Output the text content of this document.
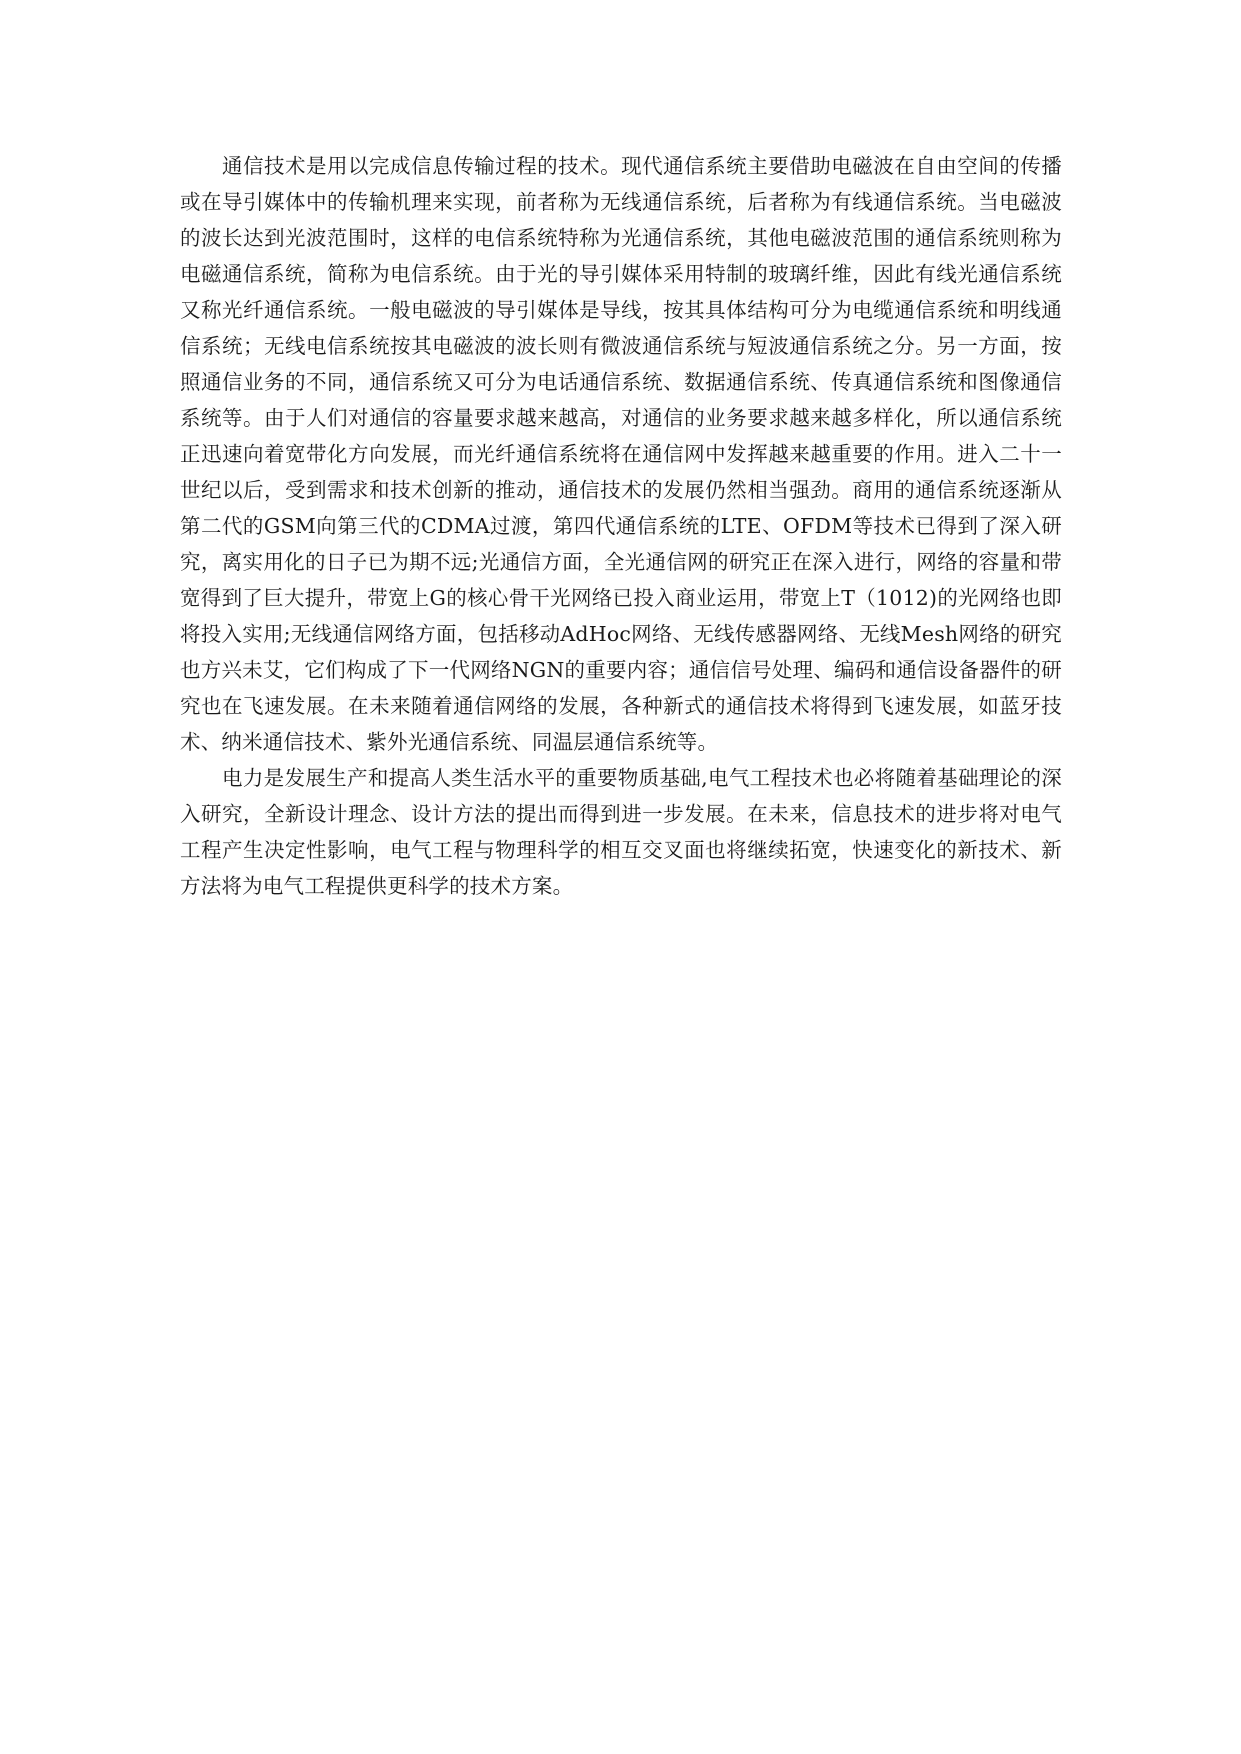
通信技术是用以完成信息传输过程的技术。现代通信系统主要借助电磁波在自由空间的传播或在导引媒体中的传输机理来实现，前者称为无线通信系统，后者称为有线通信系统。当电磁波的波长达到光波范围时，这样的电信系统特称为光通信系统，其他电磁波范围的通信系统则称为电磁通信系统，简称为电信系统。由于光的导引媒体采用特制的玻璃纤维，因此有线光通信系统又称光纤通信系统。一般电磁波的导引媒体是导线，按其具体结构可分为电缆通信系统和明线通信系统；无线电信系统按其电磁波的波长则有微波通信系统与短波通信系统之分。另一方面，按照通信业务的不同，通信系统又可分为电话通信系统、数据通信系统、传真通信系统和图像通信系统等。由于人们对通信的容量要求越来越高，对通信的业务要求越来越多样化，所以通信系统正迅速向着宽带化方向发展，而光纤通信系统将在通信网中发挥越来越重要的作用。进入二十一世纪以后，受到需求和技术创新的推动，通信技术的发展仍然相当强劲。商用的通信系统逐渐从第二代的GSM向第三代的CDMA过渡，第四代通信系统的LTE、OFDM等技术已得到了深入研究，离实用化的日子已为期不远;光通信方面，全光通信网的研究正在深入进行，网络的容量和带宽得到了巨大提升，带宽上G的核心骨干光网络已投入商业运用，带宽上T（1012)的光网络也即将投入实用;无线通信网络方面，包括移动AdHoc网络、无线传感器网络、无线Mesh网络的研究也方兴未艾，它们构成了下一代网络NGN的重要内容；通信信号处理、编码和通信设备器件的研究也在飞速发展。在未来随着通信网络的发展，各种新式的通信技术将得到飞速发展，如蓝牙技术、纳米通信技术、紫外光通信系统、同温层通信系统等。

电力是发展生产和提高人类生活水平的重要物质基础,电气工程技术也必将随着基础理论的深入研究，全新设计理念、设计方法的提出而得到进一步发展。在未来，信息技术的进步将对电气工程产生决定性影响，电气工程与物理科学的相互交叉面也将继续拓宽，快速变化的新技术、新方法将为电气工程提供更科学的技术方案。
